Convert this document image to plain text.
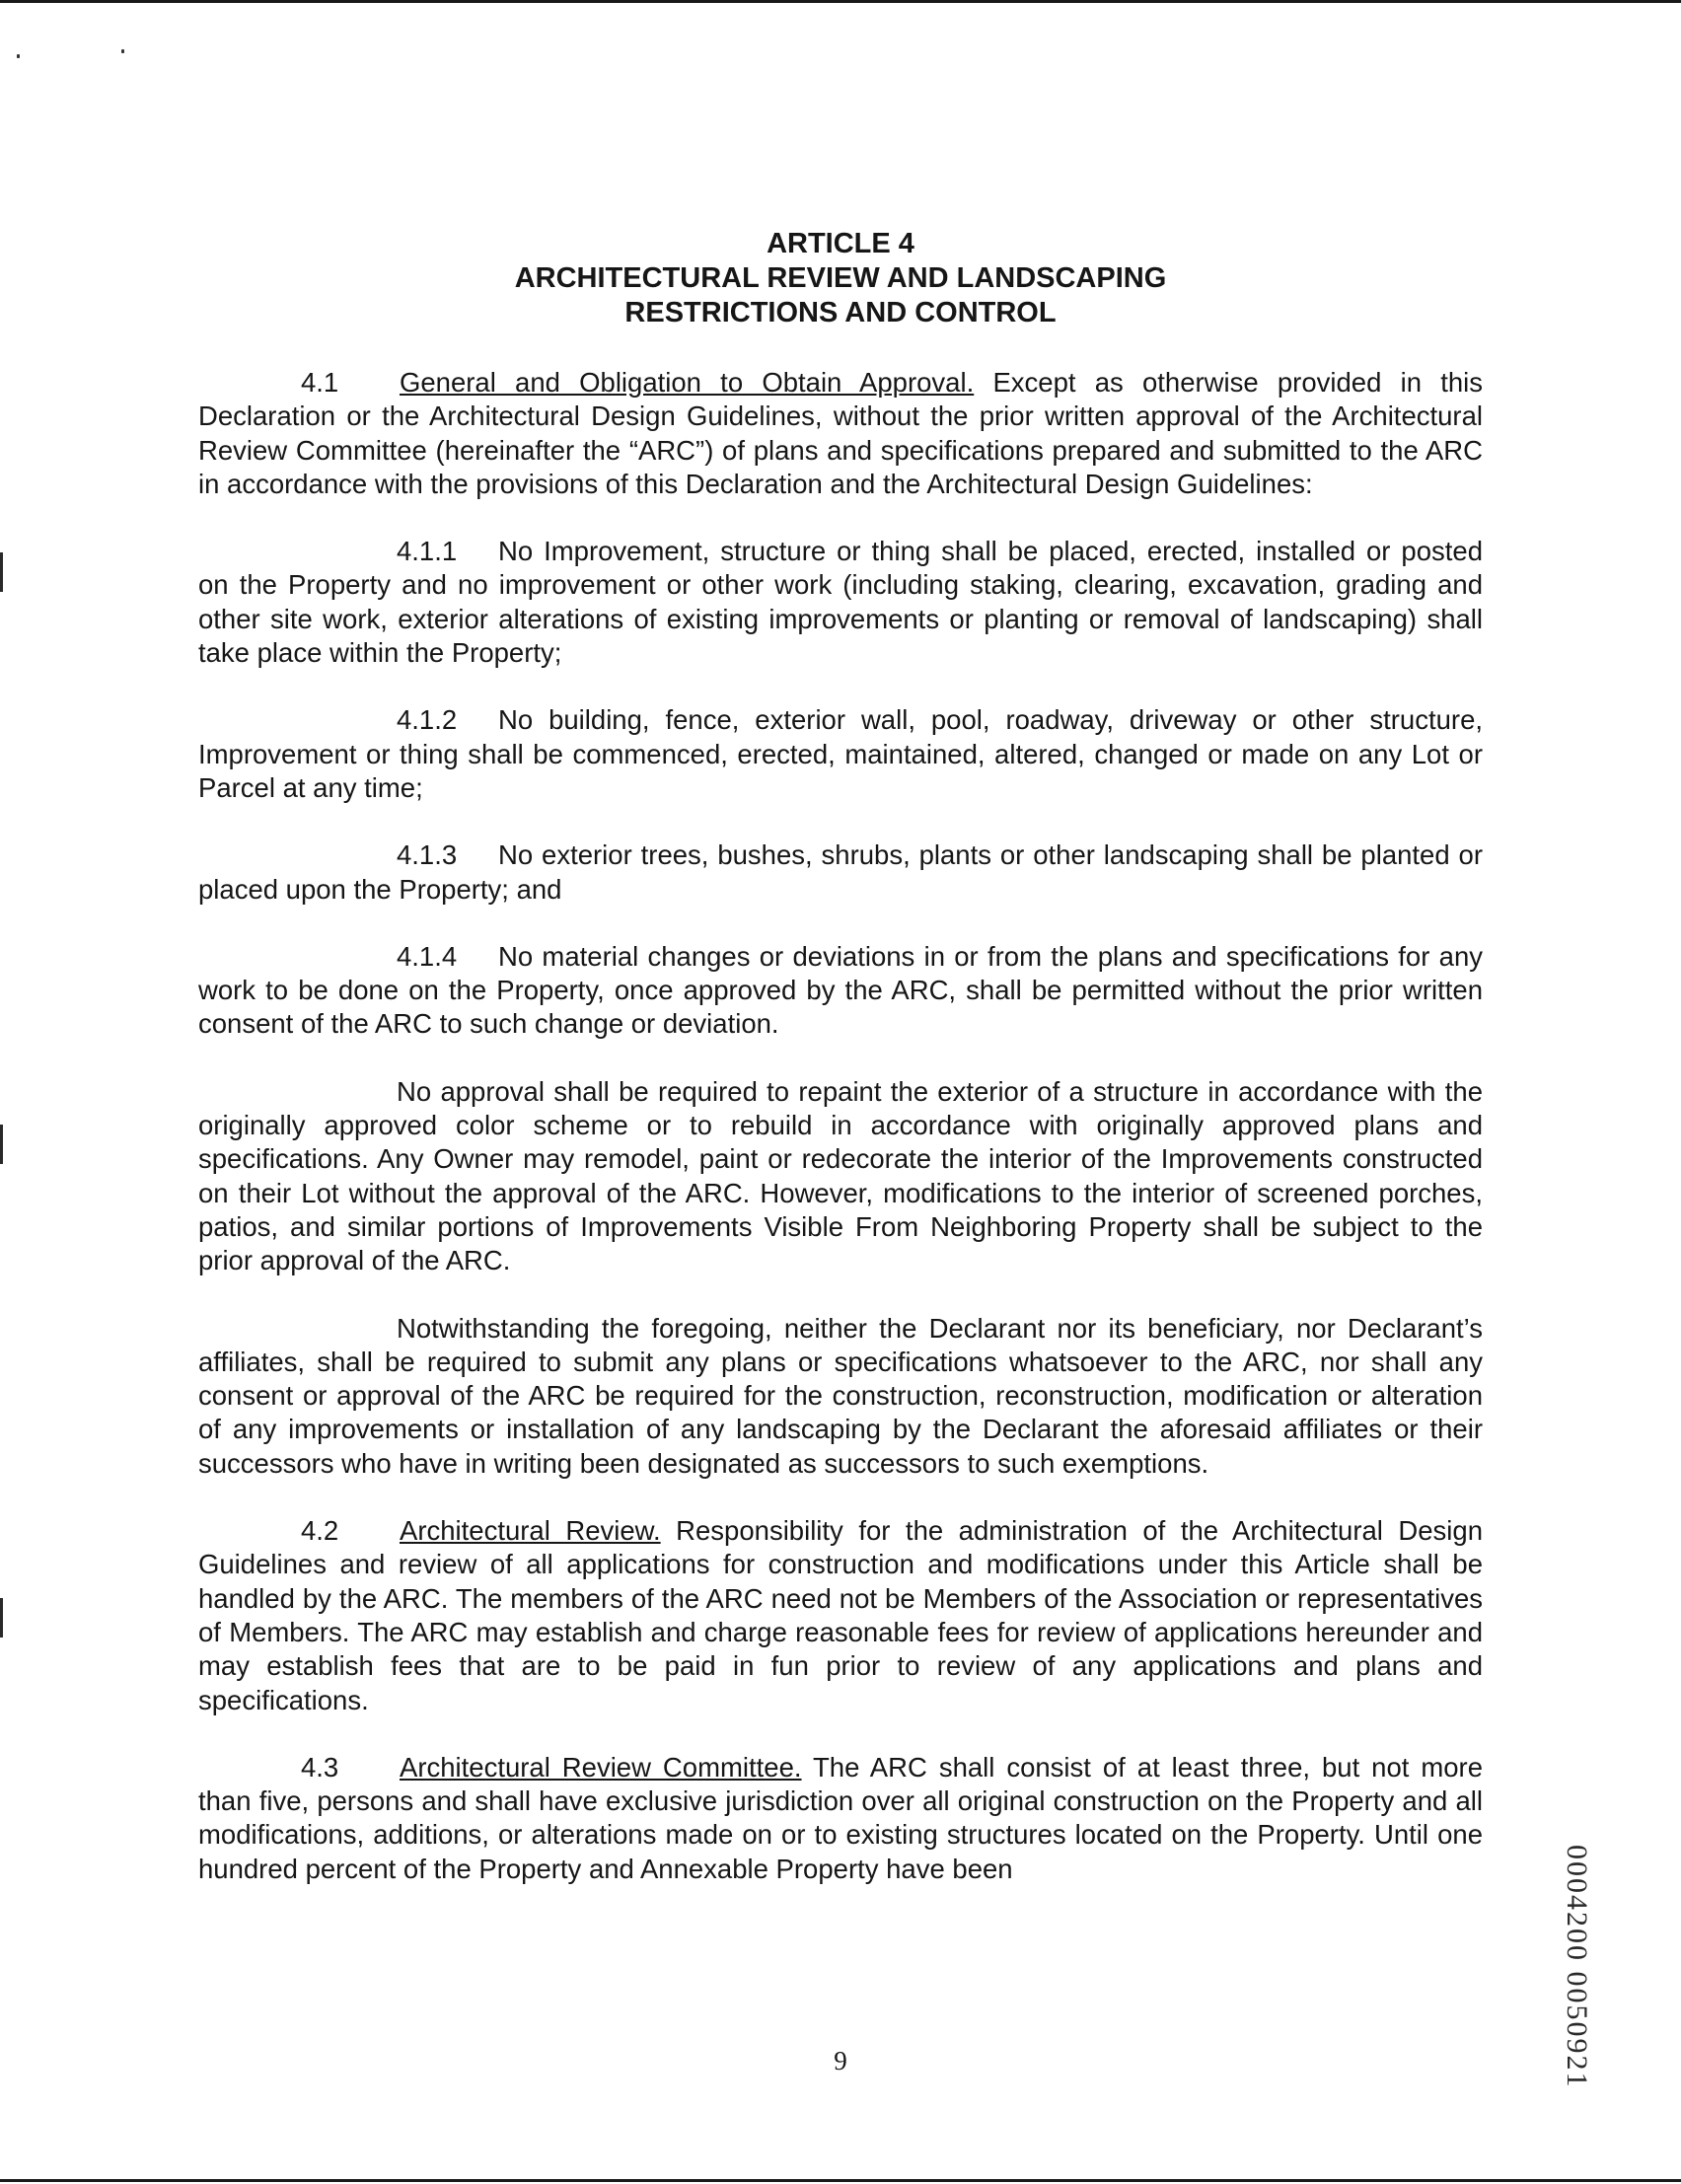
ARTICLE 4
ARCHITECTURAL REVIEW AND LANDSCAPING
RESTRICTIONS AND CONTROL

4.1 General and Obligation to Obtain Approval. Except as otherwise provided in this Declaration or the Architectural Design Guidelines, without the prior written approval of the Architectural Review Committee (hereinafter the “ARC”) of plans and specifications prepared and submitted to the ARC in accordance with the provisions of this Declaration and the Architectural Design Guidelines:

4.1.1 No Improvement, structure or thing shall be placed, erected, installed or posted on the Property and no improvement or other work (including staking, clearing, excavation, grading and other site work, exterior alterations of existing improvements or planting or removal of landscaping) shall take place within the Property;

4.1.2 No building, fence, exterior wall, pool, roadway, driveway or other structure, Improvement or thing shall be commenced, erected, maintained, altered, changed or made on any Lot or Parcel at any time;

4.1.3 No exterior trees, bushes, shrubs, plants or other landscaping shall be planted or placed upon the Property; and

4.1.4 No material changes or deviations in or from the plans and specifications for any work to be done on the Property, once approved by the ARC, shall be permitted without the prior written consent of the ARC to such change or deviation.

No approval shall be required to repaint the exterior of a structure in accordance with the originally approved color scheme or to rebuild in accordance with originally approved plans and specifications. Any Owner may remodel, paint or redecorate the interior of the Improvements constructed on their Lot without the approval of the ARC. However, modifications to the interior of screened porches, patios, and similar portions of Improvements Visible From Neighboring Property shall be subject to the prior approval of the ARC.

Notwithstanding the foregoing, neither the Declarant nor its beneficiary, nor Declarant’s affiliates, shall be required to submit any plans or specifications whatsoever to the ARC, nor shall any consent or approval of the ARC be required for the construction, reconstruction, modification or alteration of any improvements or installation of any landscaping by the Declarant the aforesaid affiliates or their successors who have in writing been designated as successors to such exemptions.

4.2 Architectural Review. Responsibility for the administration of the Architectural Design Guidelines and review of all applications for construction and modifications under this Article shall be handled by the ARC. The members of the ARC need not be Members of the Association or representatives of Members. The ARC may establish and charge reasonable fees for review of applications hereunder and may establish fees that are to be paid in fun prior to review of any applications and plans and specifications.

4.3 Architectural Review Committee. The ARC shall consist of at least three, but not more than five, persons and shall have exclusive jurisdiction over all original construction on the Property and all modifications, additions, or alterations made on or to existing structures located on the Property. Until one hundred percent of the Property and Annexable Property have been

9	0004200 0050921
